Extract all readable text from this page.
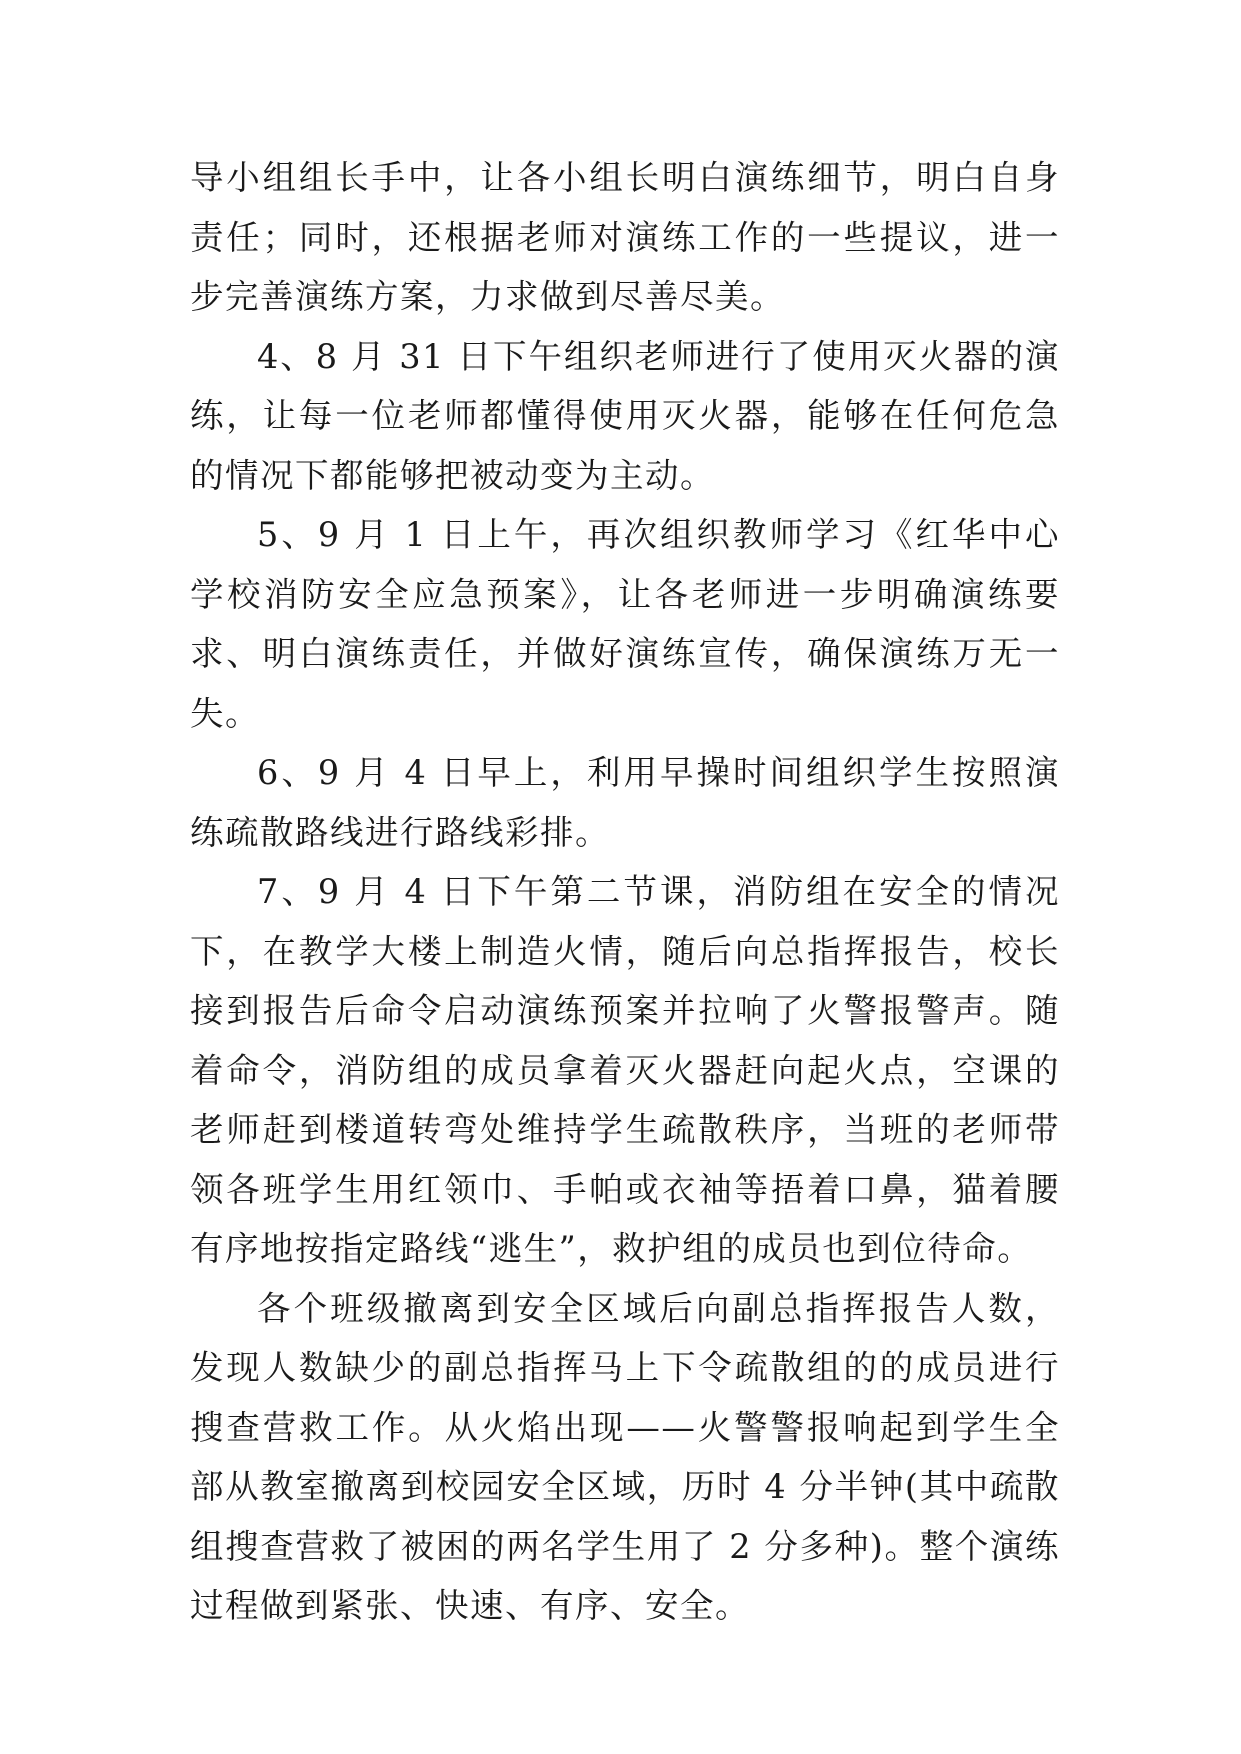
导小组组长手中，让各小组长明白演练细节，明白自身责任；同时，还根据老师对演练工作的一些提议，进一步完善演练方案，力求做到尽善尽美。

4、8 月 31 日下午组织老师进行了使用灭火器的演练，让每一位老师都懂得使用灭火器，能够在任何危急的情况下都能够把被动变为主动。

5、9 月 1 日上午，再次组织教师学习《红华中心学校消防安全应急预案》，让各老师进一步明确演练要求、明白演练责任，并做好演练宣传，确保演练万无一失。

6、9 月 4 日早上，利用早操时间组织学生按照演练疏散路线进行路线彩排。

7、9 月 4 日下午第二节课，消防组在安全的情况下，在教学大楼上制造火情，随后向总指挥报告，校长接到报告后命令启动演练预案并拉响了火警报警声。随着命令，消防组的成员拿着灭火器赶向起火点，空课的老师赶到楼道转弯处维持学生疏散秩序，当班的老师带领各班学生用红领巾、手帕或衣袖等捂着口鼻，猫着腰有序地按指定路线“逃生”，救护组的成员也到位待命。

各个班级撤离到安全区域后向副总指挥报告人数，发现人数缺少的副总指挥马上下令疏散组的的成员进行搜查营救工作。从火焰出现——火警警报响起到学生全部从教室撤离到校园安全区域，历时 4 分半钟(其中疏散组搜查营救了被困的两名学生用了 2 分多种)。整个演练过程做到紧张、快速、有序、安全。
